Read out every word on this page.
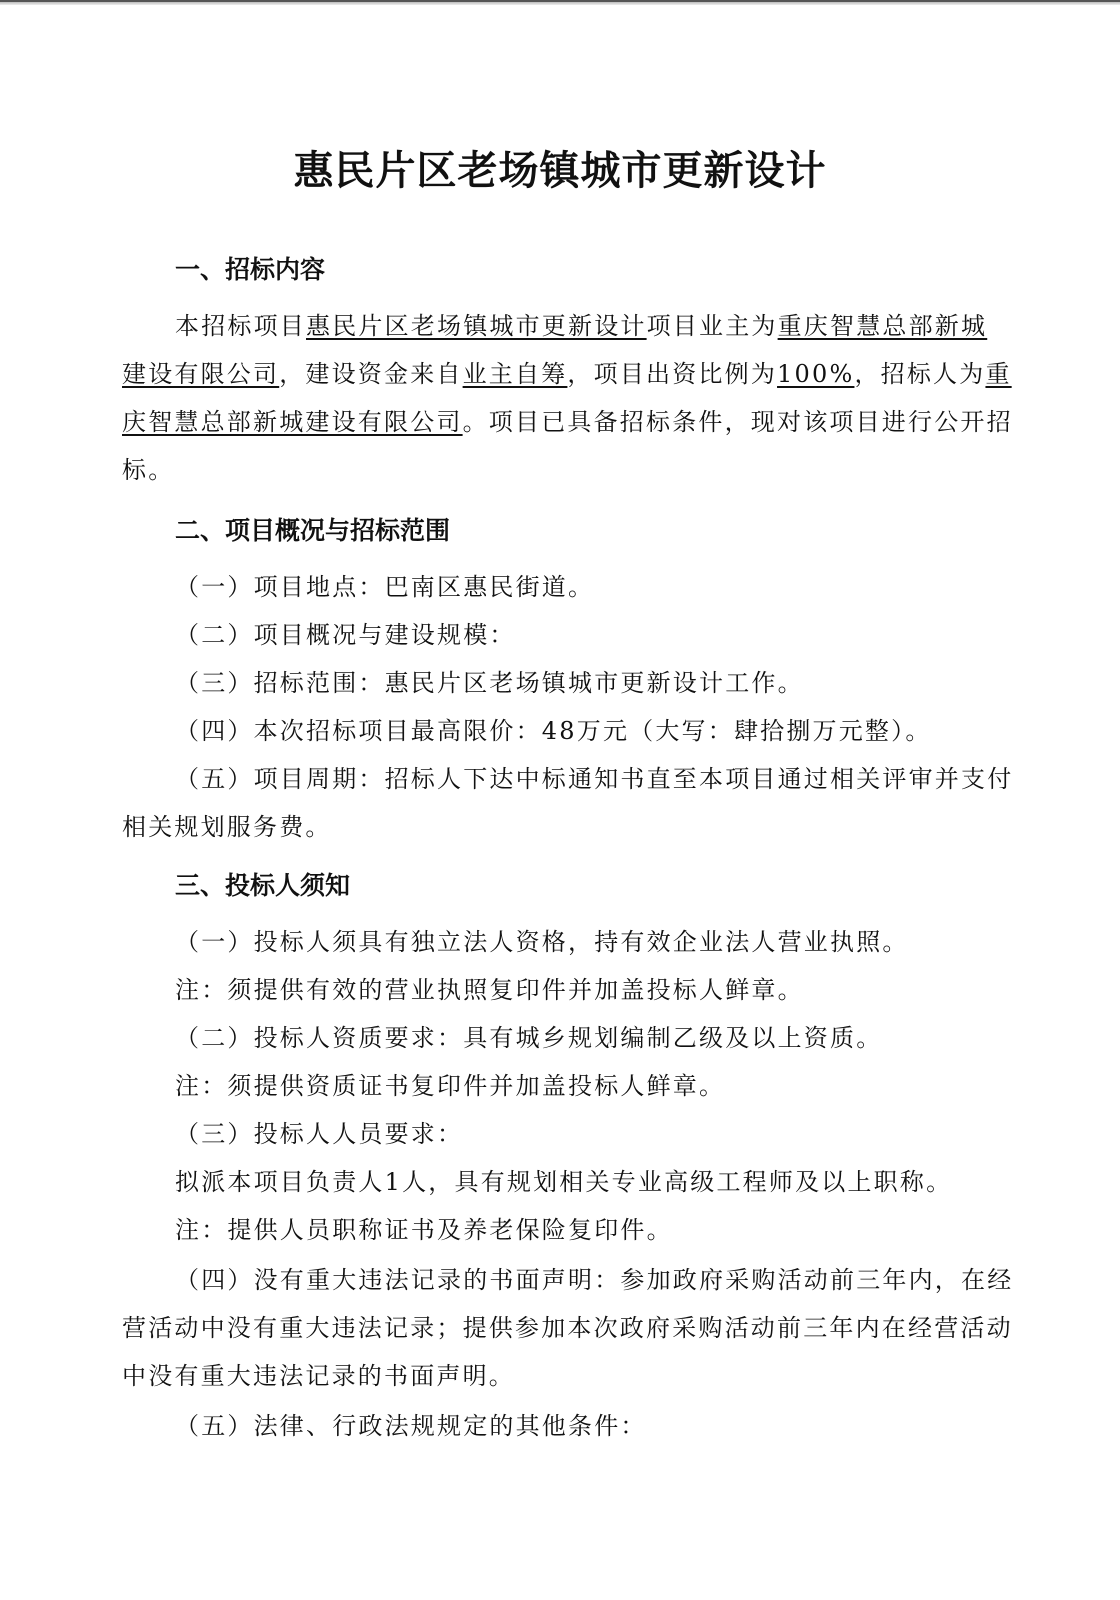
惠民片区老场镇城市更新设计
一、招标内容
本招标项目惠民片区老场镇城市更新设计项目业主为重庆智慧总部新城
建设有限公司，建设资金来自业主自筹，项目出资比例为100%，招标人为重
庆智慧总部新城建设有限公司。项目已具备招标条件，现对该项目进行公开招
标。
二、项目概况与招标范围
（一）项目地点：巴南区惠民街道。
（二）项目概况与建设规模：
（三）招标范围：惠民片区老场镇城市更新设计工作。
（四）本次招标项目最高限价：48万元（大写：肆拾捌万元整）。
（五）项目周期：招标人下达中标通知书直至本项目通过相关评审并支付
相关规划服务费。
三、投标人须知
（一）投标人须具有独立法人资格，持有效企业法人营业执照。
注：须提供有效的营业执照复印件并加盖投标人鲜章。
（二）投标人资质要求：具有城乡规划编制乙级及以上资质。
注：须提供资质证书复印件并加盖投标人鲜章。
（三）投标人人员要求：
拟派本项目负责人1人，具有规划相关专业高级工程师及以上职称。
注：提供人员职称证书及养老保险复印件。
（四）没有重大违法记录的书面声明：参加政府采购活动前三年内，在经
营活动中没有重大违法记录；提供参加本次政府采购活动前三年内在经营活动
中没有重大违法记录的书面声明。
（五）法律、行政法规规定的其他条件：
